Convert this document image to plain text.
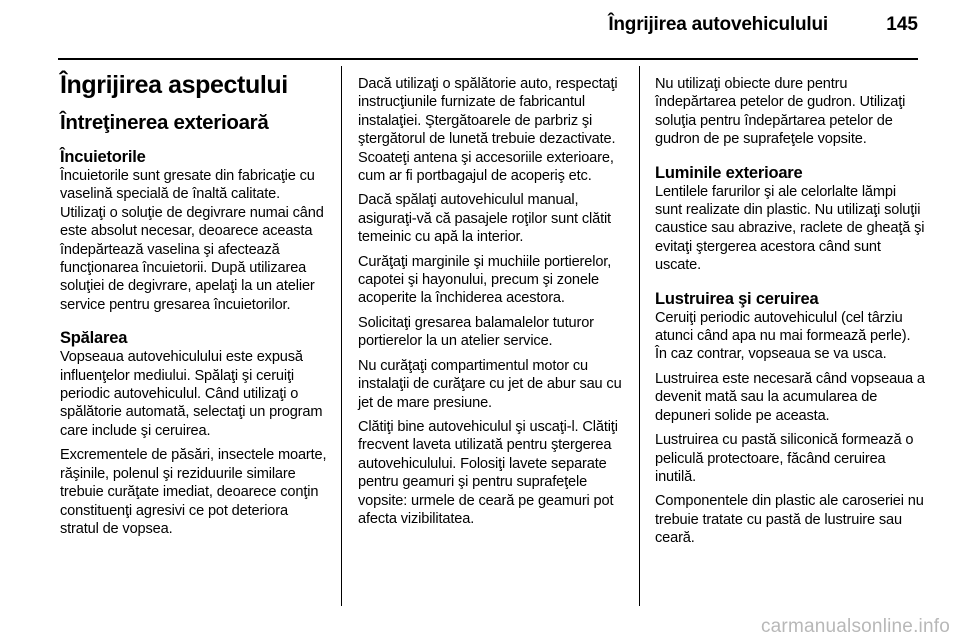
Îngrijirea autovehiculului	145
Îngrijirea aspectului
Întreţinerea exterioară
Încuietorile

Încuietorile sunt gresate din fabricaţie cu vaselină specială de înaltă calitate. Utilizaţi o soluţie de degivrare numai când este absolut necesar, deoarece aceasta îndepărtează vaselina şi afectează funcţionarea încuietorii. După utilizarea soluţiei de degivrare, apelaţi la un atelier service pentru gresarea încuietorilor.

Spălarea

Vopseaua autovehiculului este expusă influenţelor mediului. Spălaţi şi ceruiţi periodic autovehiculul. Când utilizaţi o spălătorie automată, selectaţi un program care include şi ceruirea.

Excrementele de păsări, insectele moarte, răşinile, polenul şi reziduurile similare trebuie curăţate imediat, deoarece conţin constituenţi agresivi ce pot deteriora stratul de vopsea.

Dacă utilizaţi o spălătorie auto, respectaţi instrucţiunile furnizate de fabricantul instalaţiei. Ştergătoarele de parbriz şi ştergătorul de lunetă trebuie dezactivate. Scoateţi antena şi accesoriile exterioare, cum ar fi portbagajul de acoperiş etc.

Dacă spălaţi autovehiculul manual, asiguraţi-vă că pasajele roţilor sunt clătit temeinic cu apă la interior.

Curăţaţi marginile şi muchiile portierelor, capotei şi hayonului, precum şi zonele acoperite la închiderea acestora.

Solicitaţi gresarea balamalelor tuturor portierelor la un atelier service.

Nu curăţaţi compartimentul motor cu instalaţii de curăţare cu jet de abur sau cu jet de mare presiune.

Clătiţi bine autovehiculul şi uscaţi-l. Clătiţi frecvent laveta utilizată pentru ştergerea autovehiculului. Folosiţi lavete separate pentru geamuri şi pentru suprafeţele vopsite: urmele de ceară pe geamuri pot afecta vizibilitatea.

Nu utilizaţi obiecte dure pentru îndepărtarea petelor de gudron. Utilizaţi soluţia pentru îndepărtarea petelor de gudron de pe suprafeţele vopsite.

Luminile exterioare

Lentilele farurilor şi ale celorlalte lămpi sunt realizate din plastic. Nu utilizaţi soluţii caustice sau abrazive, raclete de gheaţă şi evitaţi ştergerea acestora când sunt uscate.

Lustruirea şi ceruirea

Ceruiţi periodic autovehiculul (cel târziu atunci când apa nu mai formează perle). În caz contrar, vopseaua se va usca.

Lustruirea este necesară când vopseaua a devenit mată sau la acumularea de depuneri solide pe aceasta.

Lustruirea cu pastă siliconică formează o peliculă protectoare, făcând ceruirea inutilă.

Componentele din plastic ale caroseriei nu trebuie tratate cu pastă de lustruire sau ceară.

carmanualsonline.info
